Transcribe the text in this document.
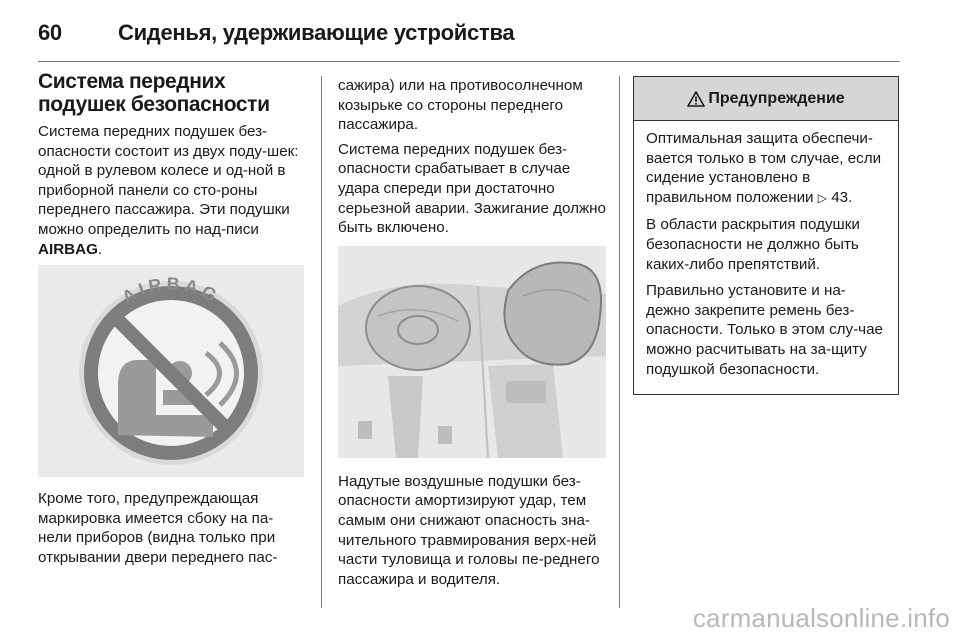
60	Сиденья, удерживающие устройства
Система передних подушек безопасности

Система передних подушек без-опасности состоит из двух поду-шек: одной в рулевом колесе и од-ной в приборной панели со сто-роны переднего пассажира. Эти подушки можно определить по над-писи AIRBAG.

AIRBAG

Кроме того, предупреждающая маркировка имеется сбоку на па-нели приборов (видна только при открывании двери переднего пас-

сажира) или на противосолнечном козырьке со стороны переднего пассажира.

Система передних подушек без-опасности срабатывает в случае удара спереди при достаточно серьезной аварии. Зажигание должно быть включено.

Надутые воздушные подушки без-опасности амортизируют удар, тем самым они снижают опасность зна-чительного травмирования верх-ней части туловища и головы пе-реднего пассажира и водителя.

Предупреждение

Оптимальная защита обеспечи-вается только в том случае, если сидение установлено в правильном положении ▷ 43.

В области раскрытия подушки безопасности не должно быть каких-либо препятствий.

Правильно установите и на-дежно закрепите ремень без-опасности. Только в этом слу-чае можно расчитывать на за-щиту подушкой безопасности.

carmanualsonline.info
